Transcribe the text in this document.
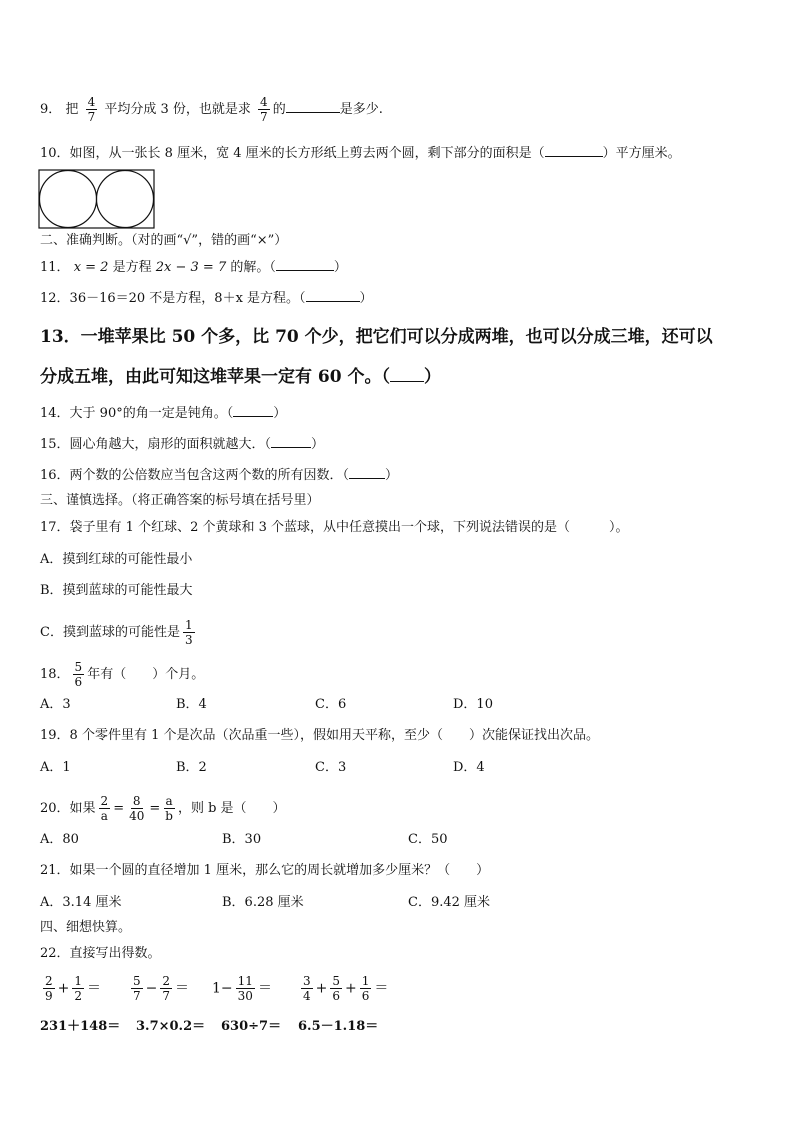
9． 把 $\frac{4}{7}$ 平均分成 3 份，也就是求 $\frac{4}{7}$ 的	是多少.
10．如图，从一张长 8 厘米，宽 4 厘米的长方形纸上剪去两个圆，剩下部分的面积是（	）平方厘米。
二、准确判断。（对的画“√”，错的画“×”）
11． x = 2 是方程 2x − 3 = 7 的解。（	）
12．36－16＝20 不是方程，8＋x 是方程。（	）
13．一堆苹果比 50 个多，比 70 个少，把它们可以分成两堆，也可以分成三堆，还可以
分成五堆，由此可知这堆苹果一定有 60 个。（ ）
14．大于 90°的角一定是钝角。（	）
15．圆心角越大，扇形的面积就越大．（	）
16．两个数的公倍数应当包含这两个数的所有因数．（	）
三、谨慎选择。（将正确答案的标号填在括号里）
17．袋子里有 1 个红球、2 个黄球和 3 个蓝球，从中任意摸出一个球，下列说法错误的是（　　　）。
A．摸到红球的可能性最小
B．摸到蓝球的可能性最大
C．摸到蓝球的可能性是 $\frac{1}{3}$
18． $\frac{5}{6}$ 年有（　　）个月。
A．3	B．4	C．6	D．10
19．8 个零件里有 1 个是次品（次品重一些），假如用天平称，至少（　　）次能保证找出次品。
A．1	B．2	C．3	D．4
20．如果 $\frac{2}{a} = \frac{8}{40} = \frac{a}{b}$ ，则 b 是（　　）
A．80	B．30	C．50
21．如果一个圆的直径增加 1 厘米，那么它的周长就增加多少厘米？（　　）
A．3.14 厘米	B．6.28 厘米	C．9.42 厘米
四、细想快算。
22．直接写出得数。
$\frac{2}{9} + \frac{1}{2} = \frac{5}{7} - \frac{2}{7} = 1- \frac{11}{30} = \frac{3}{4} + \frac{5}{6} + \frac{1}{6}$ ＝
231＋148＝ 3.7×0.2＝ 630÷7＝ 6.5－1.18＝
